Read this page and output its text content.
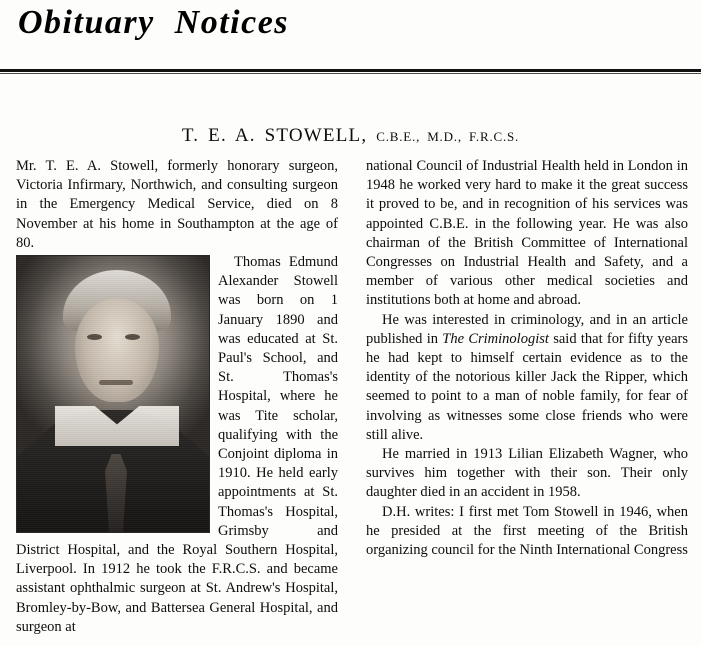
Obituary Notices
T. E. A. STOWELL, C.B.E., M.D., F.R.C.S.

Mr. T. E. A. Stowell, formerly honorary surgeon, Victoria Infirmary, Northwich, and consulting surgeon in the Emergency Medical Service, died on 8 November at his home in Southampton at the age of 80.

Thomas Edmund Alexander Stowell was born on 1 January 1890 and was educated at St. Paul's School, and St. Thomas's Hospital, where he was Tite scholar, qualifying with the Conjoint diploma in 1910. He held early appointments at St. Thomas's Hospital, Grimsby and District Hospital, and the Royal Southern Hospital, Liverpool. In 1912 he took the F.R.C.S. and became assistant ophthalmic surgeon at St. Andrew's Hospital, Bromley-by-Bow, and Battersea General Hospital, and surgeon at

national Council of Industrial Health held in London in 1948 he worked very hard to make it the great success it proved to be, and in recognition of his services was appointed C.B.E. in the following year. He was also chairman of the British Committee of International Congresses on Industrial Health and Safety, and a member of various other medical societies and institutions both at home and abroad.

He was interested in criminology, and in an article published in The Criminologist said that for fifty years he had kept to himself certain evidence as to the identity of the notorious killer Jack the Ripper, which seemed to point to a man of noble family, for fear of involving as witnesses some close friends who were still alive.

He married in 1913 Lilian Elizabeth Wagner, who survives him together with their son. Their only daughter died in an accident in 1958.

D.H. writes: I first met Tom Stowell in 1946, when he presided at the first meeting of the British organizing council for the Ninth International Congress
